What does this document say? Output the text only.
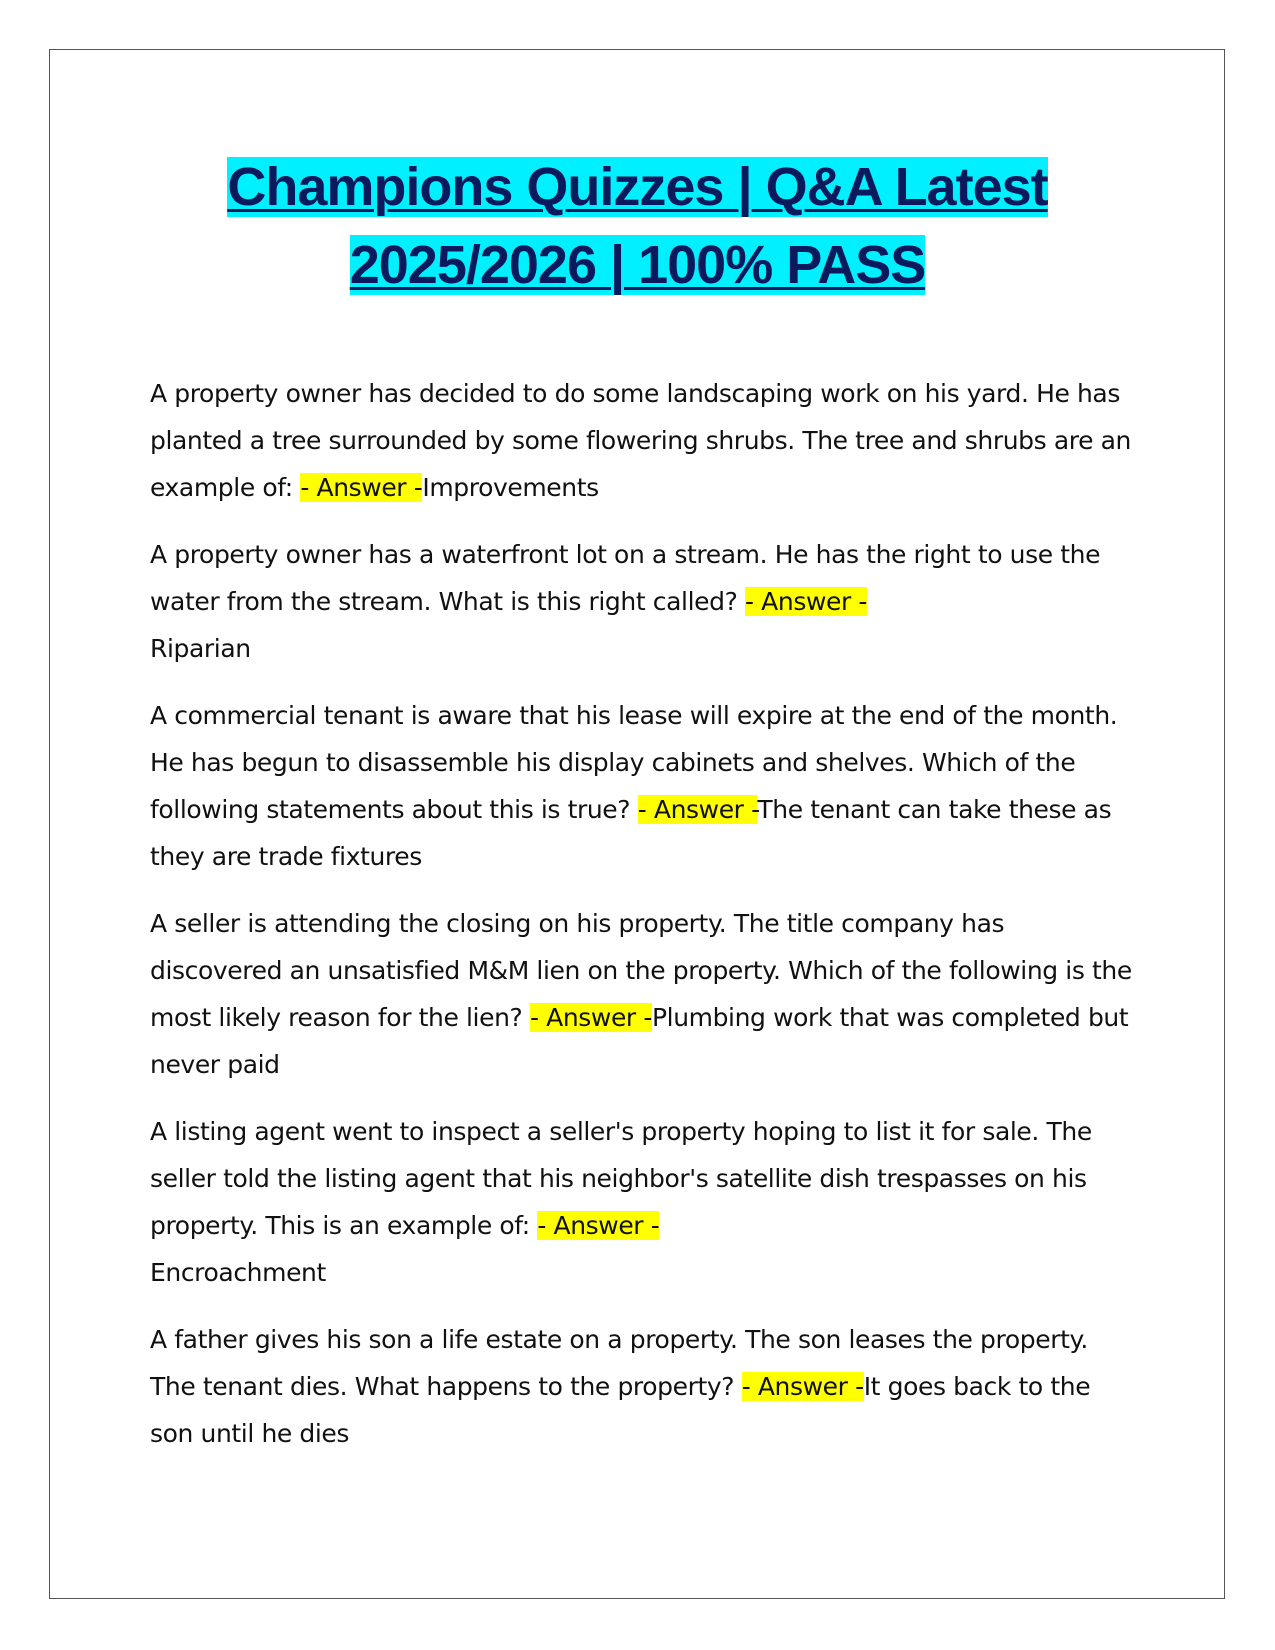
Champions Quizzes | Q&A Latest
2025/2026 | 100% PASS

A property owner has decided to do some landscaping work on his yard. He has planted a tree surrounded by some flowering shrubs. The tree and shrubs are an example of: - Answer -Improvements

A property owner has a waterfront lot on a stream. He has the right to use the water from the stream. What is this right called? - Answer -
Riparian

A commercial tenant is aware that his lease will expire at the end of the month. He has begun to disassemble his display cabinets and shelves. Which of the following statements about this is true? - Answer -The tenant can take these as they are trade fixtures

A seller is attending the closing on his property. The title company has discovered an unsatisfied M&M lien on the property. Which of the following is the most likely reason for the lien? - Answer -Plumbing work that was completed but never paid

A listing agent went to inspect a seller's property hoping to list it for sale. The seller told the listing agent that his neighbor's satellite dish trespasses on his property. This is an example of: - Answer -
Encroachment

A father gives his son a life estate on a property. The son leases the property. The tenant dies. What happens to the property? - Answer -It goes back to the son until he dies
